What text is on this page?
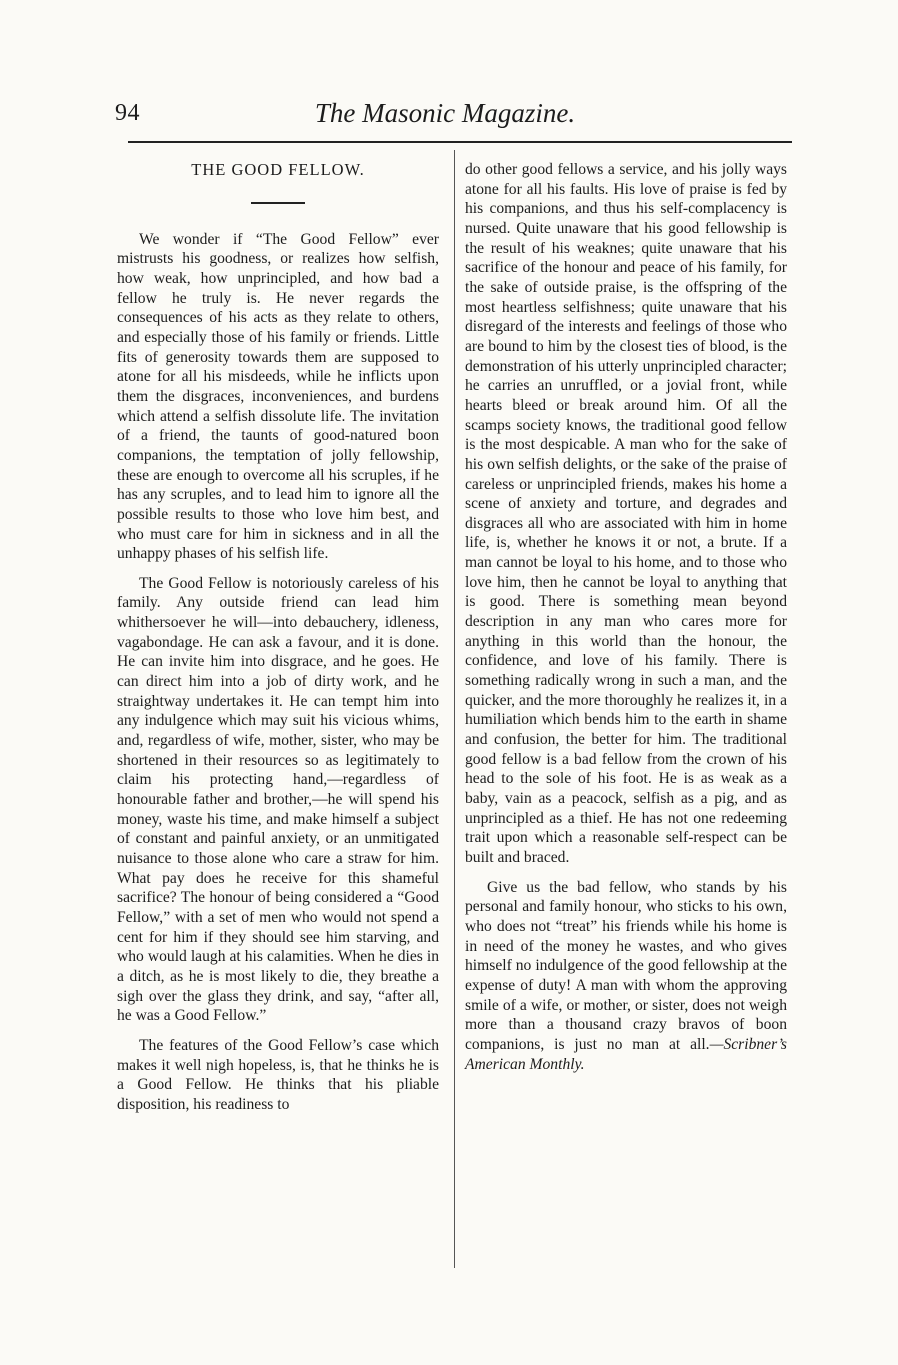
94	The Masonic Magazine.
THE GOOD FELLOW.

We wonder if “The Good Fellow” ever mistrusts his goodness, or realizes how selfish, how weak, how unprincipled, and how bad a fellow he truly is. He never regards the consequences of his acts as they relate to others, and especially those of his family or friends. Little fits of generosity towards them are supposed to atone for all his misdeeds, while he inflicts upon them the disgraces, inconveniences, and burdens which attend a selfish dissolute life. The invitation of a friend, the taunts of good-natured boon companions, the temptation of jolly fellowship, these are enough to overcome all his scruples, if he has any scruples, and to lead him to ignore all the possible results to those who love him best, and who must care for him in sickness and in all the unhappy phases of his selfish life.

The Good Fellow is notoriously careless of his family. Any outside friend can lead him whithersoever he will—into debauchery, idleness, vagabondage. He can ask a favour, and it is done. He can invite him into disgrace, and he goes. He can direct him into a job of dirty work, and he straightway undertakes it. He can tempt him into any indulgence which may suit his vicious whims, and, regardless of wife, mother, sister, who may be shortened in their resources so as legitimately to claim his protecting hand,—regardless of honourable father and brother,—he will spend his money, waste his time, and make himself a subject of constant and painful anxiety, or an unmitigated nuisance to those alone who care a straw for him. What pay does he receive for this shameful sacrifice? The honour of being considered a “Good Fellow,” with a set of men who would not spend a cent for him if they should see him starving, and who would laugh at his calamities. When he dies in a ditch, as he is most likely to die, they breathe a sigh over the glass they drink, and say, “after all, he was a Good Fellow.”

The features of the Good Fellow’s case which makes it well nigh hopeless, is, that he thinks he is a Good Fellow. He thinks that his pliable disposition, his readiness to

do other good fellows a service, and his jolly ways atone for all his faults. His love of praise is fed by his companions, and thus his self-complacency is nursed. Quite unaware that his good fellowship is the result of his weaknes; quite unaware that his sacrifice of the honour and peace of his family, for the sake of outside praise, is the offspring of the most heartless selfishness; quite unaware that his disregard of the interests and feelings of those who are bound to him by the closest ties of blood, is the demonstration of his utterly unprincipled character; he carries an unruffled, or a jovial front, while hearts bleed or break around him. Of all the scamps society knows, the traditional good fellow is the most despicable. A man who for the sake of his own selfish delights, or the sake of the praise of careless or unprincipled friends, makes his home a scene of anxiety and torture, and degrades and disgraces all who are associated with him in home life, is, whether he knows it or not, a brute. If a man cannot be loyal to his home, and to those who love him, then he cannot be loyal to anything that is good. There is something mean beyond description in any man who cares more for anything in this world than the honour, the confidence, and love of his family. There is something radically wrong in such a man, and the quicker, and the more thoroughly he realizes it, in a humiliation which bends him to the earth in shame and confusion, the better for him. The traditional good fellow is a bad fellow from the crown of his head to the sole of his foot. He is as weak as a baby, vain as a peacock, selfish as a pig, and as unprincipled as a thief. He has not one redeeming trait upon which a reasonable self-respect can be built and braced.

Give us the bad fellow, who stands by his personal and family honour, who sticks to his own, who does not “treat” his friends while his home is in need of the money he wastes, and who gives himself no indulgence of the good fellowship at the expense of duty! A man with whom the approving smile of a wife, or mother, or sister, does not weigh more than a thousand crazy bravos of boon companions, is just no man at all.—Scribner’s American Monthly.
